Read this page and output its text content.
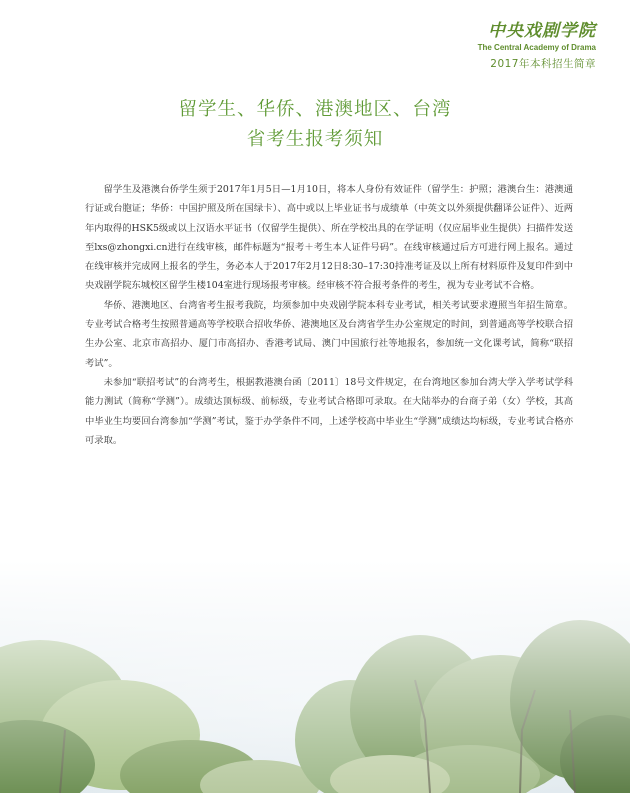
中央戏剧学院
The Central Academy of Drama
2017年本科招生简章
留学生、华侨、港澳地区、台湾
省考生报考须知

留学生及港澳台侨学生须于2017年1月5日—1月10日，将本人身份有效证件（留学生：护照；港澳台生：港澳通行证或台胞证；华侨：中国护照及所在国绿卡）、高中或以上毕业证书与成绩单（中英文以外须提供翻译公证件）、近两年内取得的HSK5级或以上汉语水平证书（仅留学生提供）、所在学校出具的在学证明（仅应届毕业生提供）扫描件发送至lxs@zhongxi.cn进行在线审核，邮件标题为“报考＋考生本人证件号码”。在线审核通过后方可进行网上报名。通过在线审核并完成网上报名的学生，务必本人于2017年2月12日8:30–17:30持准考证及以上所有材料原件及复印件到中央戏剧学院东城校区留学生楼104室进行现场报考审核。经审核不符合报考条件的考生，视为专业考试不合格。

华侨、港澳地区、台湾省考生报考我院，均须参加中央戏剧学院本科专业考试，相关考试要求遵照当年招生简章。专业考试合格考生按照普通高等学校联合招收华侨、港澳地区及台湾省学生办公室规定的时间，到普通高等学校联合招生办公室、北京市高招办、厦门市高招办、香港考试局、澳门中国旅行社等地报名，参加统一文化课考试，简称“联招考试”。

未参加“联招考试”的台湾考生，根据教港澳台函〔2011〕18号文件规定，在台湾地区参加台湾大学入学考试学科能力测试（简称“学测”）。成绩达顶标级、前标级，专业考试合格即可录取。在大陆举办的台商子弟（女）学校，其高中毕业生均要回台湾参加“学测”考试，鉴于办学条件不同，上述学校高中毕业生“学测”成绩达均标级，专业考试合格亦可录取。
